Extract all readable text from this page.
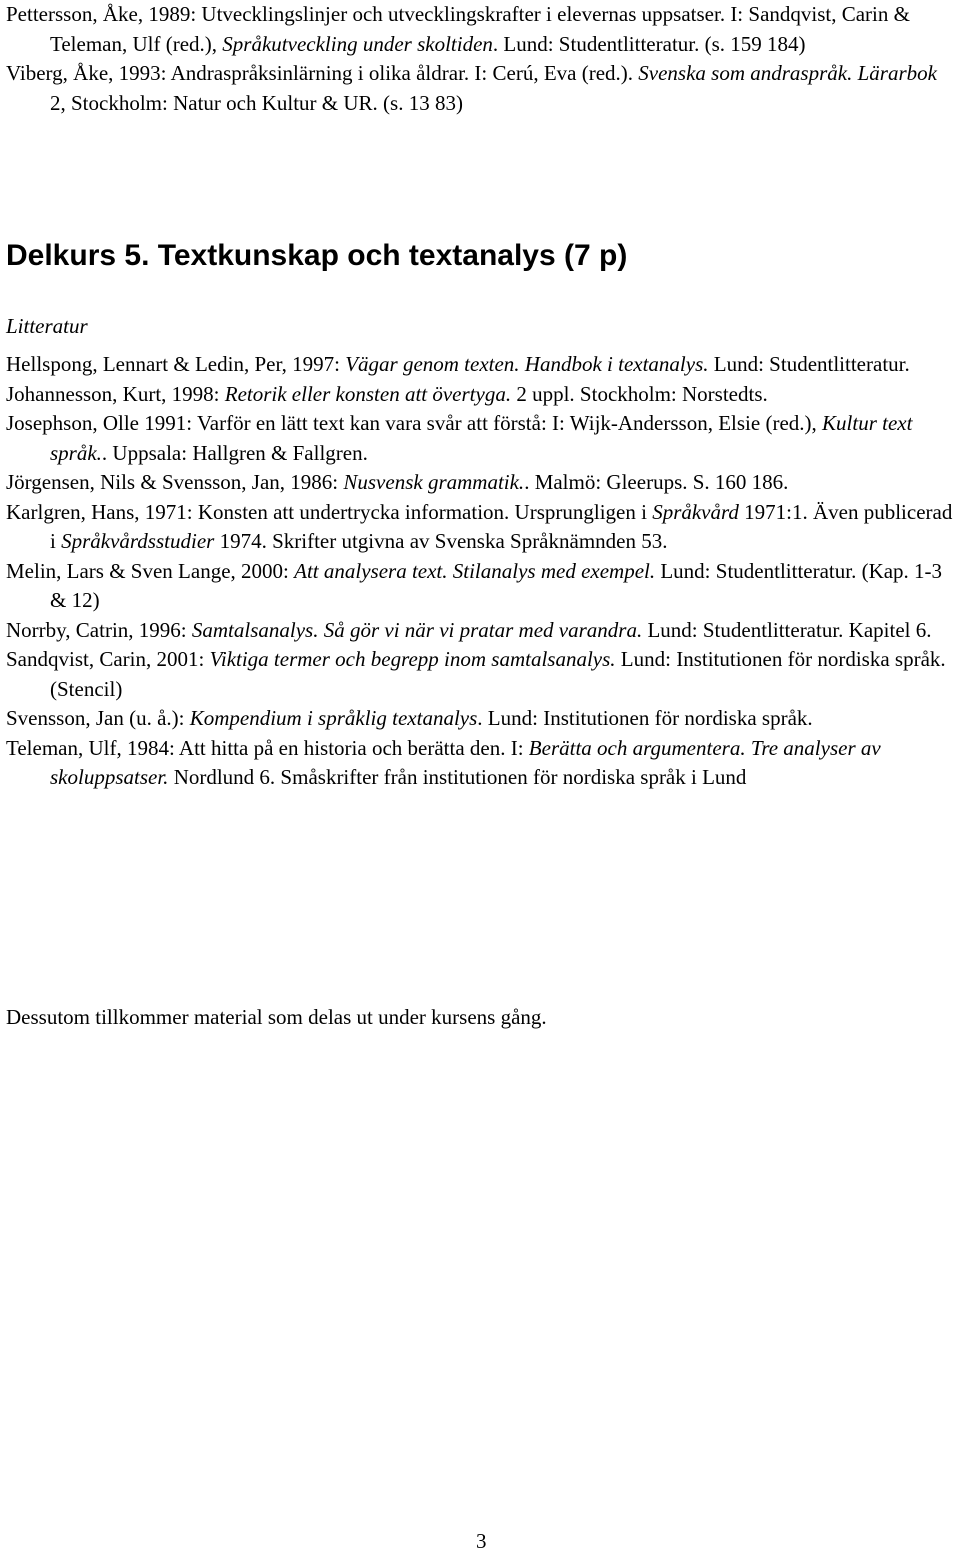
Pettersson, Åke, 1989: Utvecklingslinjer och utvecklingskrafter i elevernas uppsatser. I: Sandqvist, Carin & Teleman, Ulf (red.), Språkutveckling under skoltiden. Lund: Studentlitteratur. (s. 159 184)

Viberg, Åke, 1993: Andraspråksinlärning i olika åldrar. I: Cerú, Eva (red.). Svenska som andraspråk. Lärarbok 2, Stockholm: Natur och Kultur & UR. (s. 13 83)

Delkurs 5. Textkunskap och textanalys (7 p)

Litteratur

Hellspong, Lennart & Ledin, Per, 1997: Vägar genom texten. Handbok i textanalys. Lund: Studentlitteratur.

Johannesson, Kurt, 1998: Retorik eller konsten att övertyga. 2 uppl. Stockholm: Norstedts.

Josephson, Olle 1991: Varför en lätt text kan vara svår att förstå: I: Wijk-Andersson, Elsie (red.), Kultur text språk.. Uppsala: Hallgren & Fallgren.

Jörgensen, Nils & Svensson, Jan, 1986: Nusvensk grammatik.. Malmö: Gleerups. S. 160 186.

Karlgren, Hans, 1971: Konsten att undertrycka information. Ursprungligen i Språkvård 1971:1. Även publicerad i Språkvårdsstudier 1974. Skrifter utgivna av Svenska Språknämnden 53.

Melin, Lars & Sven Lange, 2000: Att analysera text. Stilanalys med exempel. Lund: Studentlitteratur. (Kap. 1-3 & 12)

Norrby, Catrin, 1996: Samtalsanalys. Så gör vi när vi pratar med varandra. Lund: Studentlitteratur. Kapitel 6.

Sandqvist, Carin, 2001: Viktiga termer och begrepp inom samtalsanalys. Lund: Institutionen för nordiska språk. (Stencil)

Svensson, Jan (u. å.): Kompendium i språklig textanalys. Lund: Institutionen för nordiska språk.

Teleman, Ulf, 1984: Att hitta på en historia och berätta den. I: Berätta och argumentera. Tre analyser av skoluppsatser. Nordlund 6. Småskrifter från institutionen för nordiska språk i Lund

Dessutom tillkommer material som delas ut under kursens gång.

3
